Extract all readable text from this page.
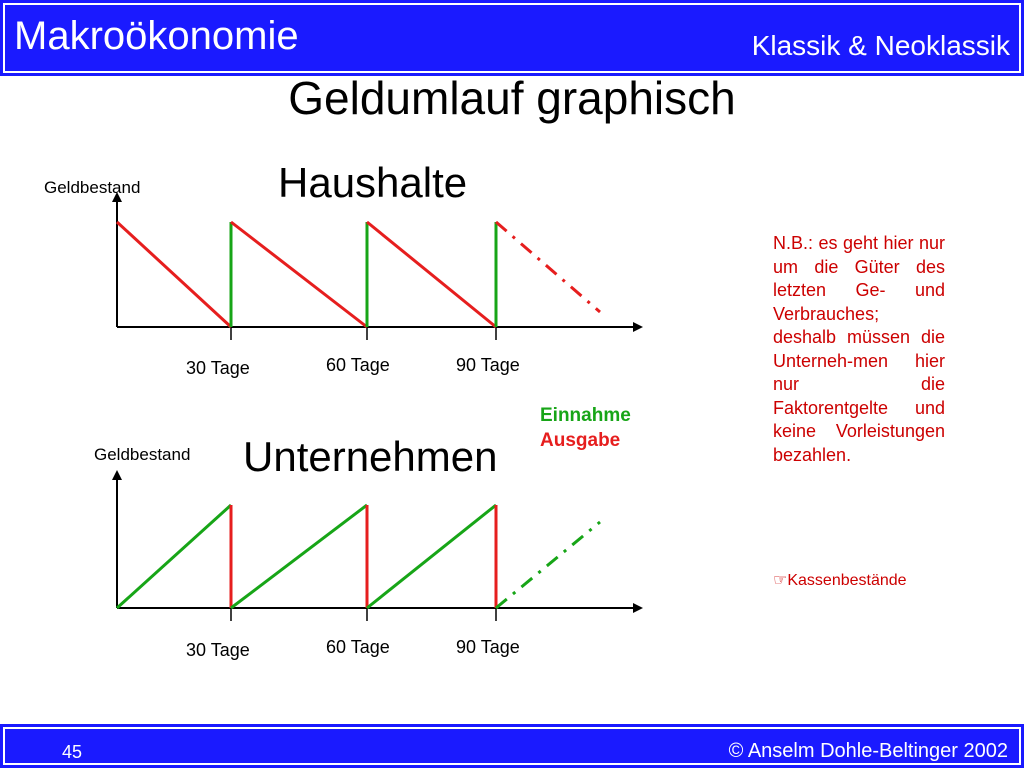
Makroökonomie	Klassik & Neoklassik
Geldumlauf graphisch
Geldbestand	Haushalte
30 Tage	60 Tage	90 Tage
Geldbestand Unternehmen
30 Tage	60 Tage	90 Tage
Einnahme
Ausgabe

N.B.: es geht hier nur um die Güter des letzten Ge- und Verbrauches;

deshalb müssen die Unterneh-men hier nur die Faktorentgelte und keine Vorleistungen bezahlen.

☞Kassenbestände
45	© Anselm Dohle-Beltinger 2002
